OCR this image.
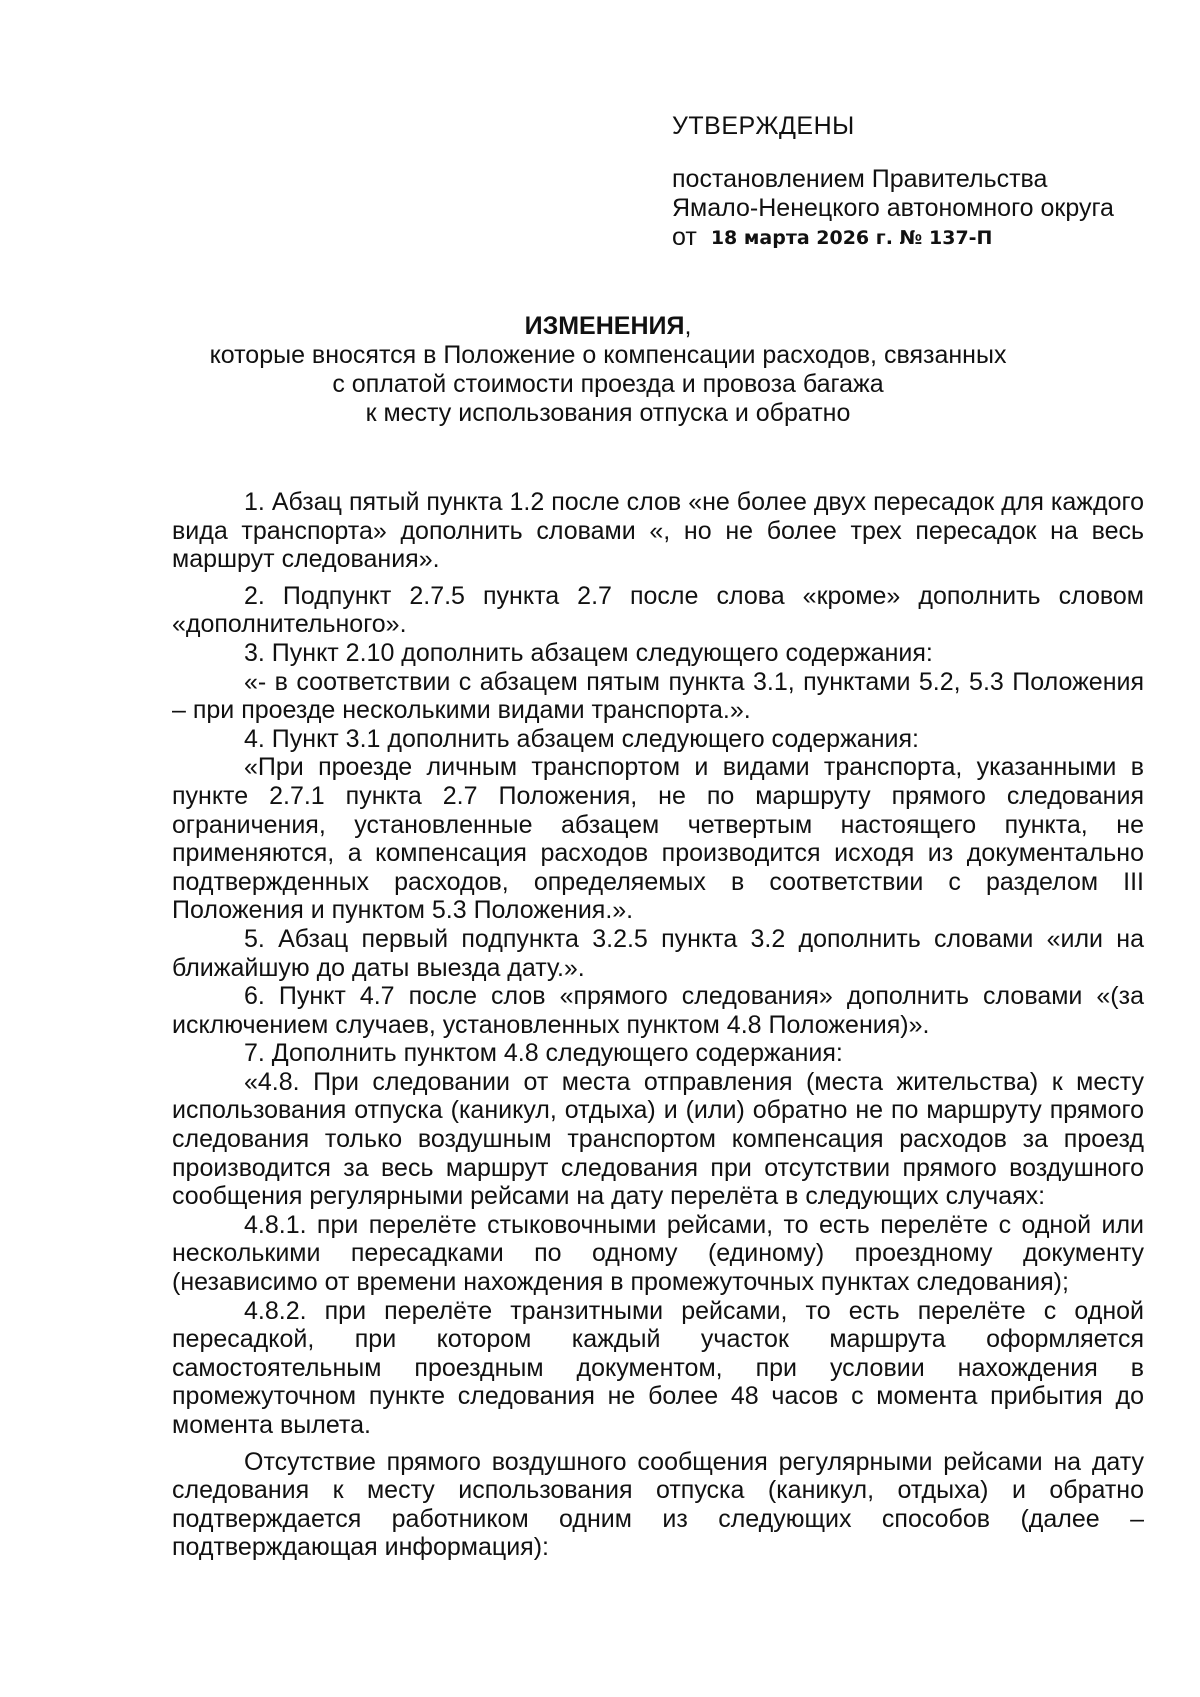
УТВЕРЖДЕНЫ

постановлением Правительства

Ямало-Ненецкого автономного округа

от 18 марта 2026 г. № 137-П

ИЗМЕНЕНИЯ,

которые вносятся в Положение о компенсации расходов, связанных

с оплатой стоимости проезда и провоза багажа

к месту использования отпуска и обратно

1. Абзац пятый пункта 1.2 после слов «не более двух пересадок для каждого вида транспорта» дополнить словами «, но не более трех пересадок на весь маршрут следования».

2. Подпункт 2.7.5 пункта 2.7 после слова «кроме» дополнить словом «дополнительного».

3. Пункт 2.10 дополнить абзацем следующего содержания:

«- в соответствии с абзацем пятым пункта 3.1, пунктами 5.2, 5.3 Положения – при проезде несколькими видами транспорта.».

4. Пункт 3.1 дополнить абзацем следующего содержания:

«При проезде личным транспортом и видами транспорта, указанными в пункте 2.7.1 пункта 2.7 Положения, не по маршруту прямого следования ограничения, установленные абзацем четвертым настоящего пункта, не применяются, а компенсация расходов производится исходя из документально подтвержденных расходов, определяемых в соответствии с разделом III Положения и пунктом 5.3 Положения.».

5. Абзац первый подпункта 3.2.5 пункта 3.2 дополнить словами «или на ближайшую до даты выезда дату.».

6. Пункт 4.7 после слов «прямого следования» дополнить словами «(за исключением случаев, установленных пунктом 4.8 Положения)».

7. Дополнить пунктом 4.8 следующего содержания:

«4.8. При следовании от места отправления (места жительства) к месту использования отпуска (каникул, отдыха) и (или) обратно не по маршруту прямого следования только воздушным транспортом компенсация расходов за проезд производится за весь маршрут следования при отсутствии прямого воздушного сообщения регулярными рейсами на дату перелёта в следующих случаях:

4.8.1. при перелёте стыковочными рейсами, то есть перелёте с одной или несколькими пересадками по одному (единому) проездному документу (независимо от времени нахождения в промежуточных пунктах следования);

4.8.2. при перелёте транзитными рейсами, то есть перелёте с одной пересадкой, при котором каждый участок маршрута оформляется самостоятельным проездным документом, при условии нахождения в промежуточном пункте следования не более 48 часов с момента прибытия до момента вылета.

Отсутствие прямого воздушного сообщения регулярными рейсами на дату следования к месту использования отпуска (каникул, отдыха) и обратно подтверждается работником одним из следующих способов (далее – подтверждающая информация):
